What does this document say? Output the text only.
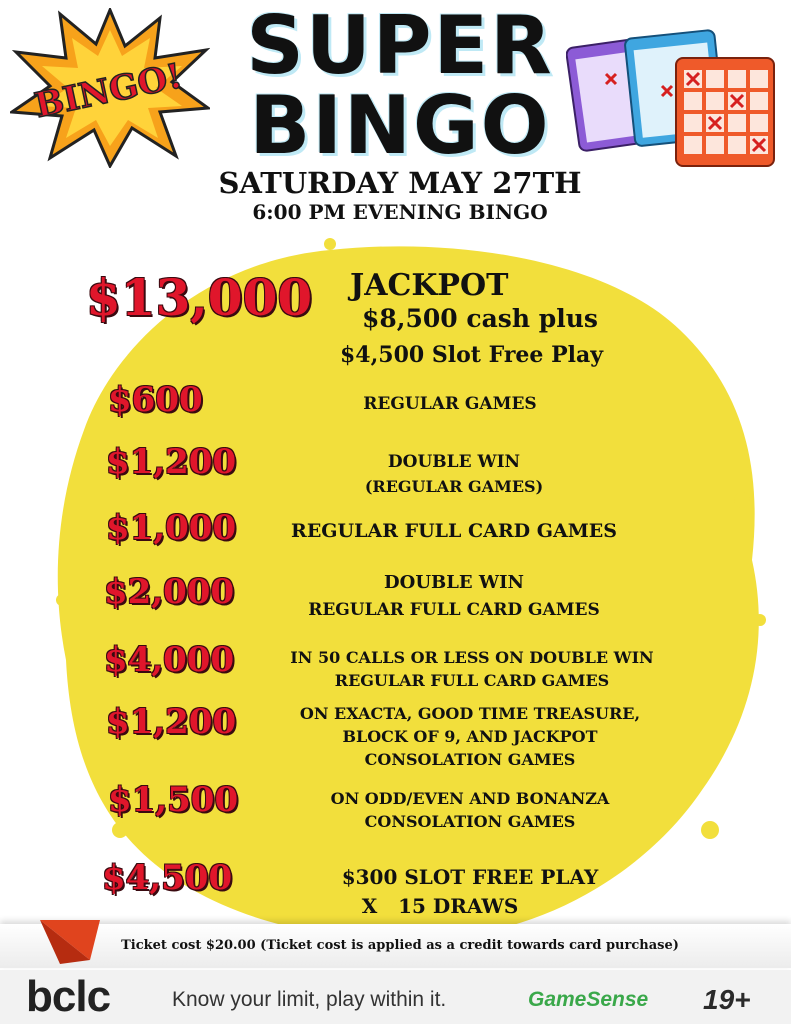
BINGO! SUPER
BINGO
SATURDAY MAY 27TH
6:00 PM EVENING BINGO
$13,000 JACKPOT
$8,500 cash plus
$4,500 Slot Free Play
$600	REGULAR GAMES
$1,200	DOUBLE WIN
(REGULAR GAMES)
$1,000	REGULAR FULL CARD GAMES
$2,000	DOUBLE WIN
REGULAR FULL CARD GAMES
$4,000	IN 50 CALLS OR LESS ON DOUBLE WIN
REGULAR FULL CARD GAMES
$1,200	ON EXACTA, GOOD TIME TREASURE,
BLOCK OF 9, AND JACKPOT
CONSOLATION GAMES
$1,500	ON ODD/EVEN AND BONANZA
CONSOLATION GAMES
$4,500	$300 SLOT FREE PLAY
X   15 DRAWS
Ticket cost $20.00 (Ticket cost is applied as a credit towards card purchase)
bclc	Know your limit, play within it.	GameSense 19+
